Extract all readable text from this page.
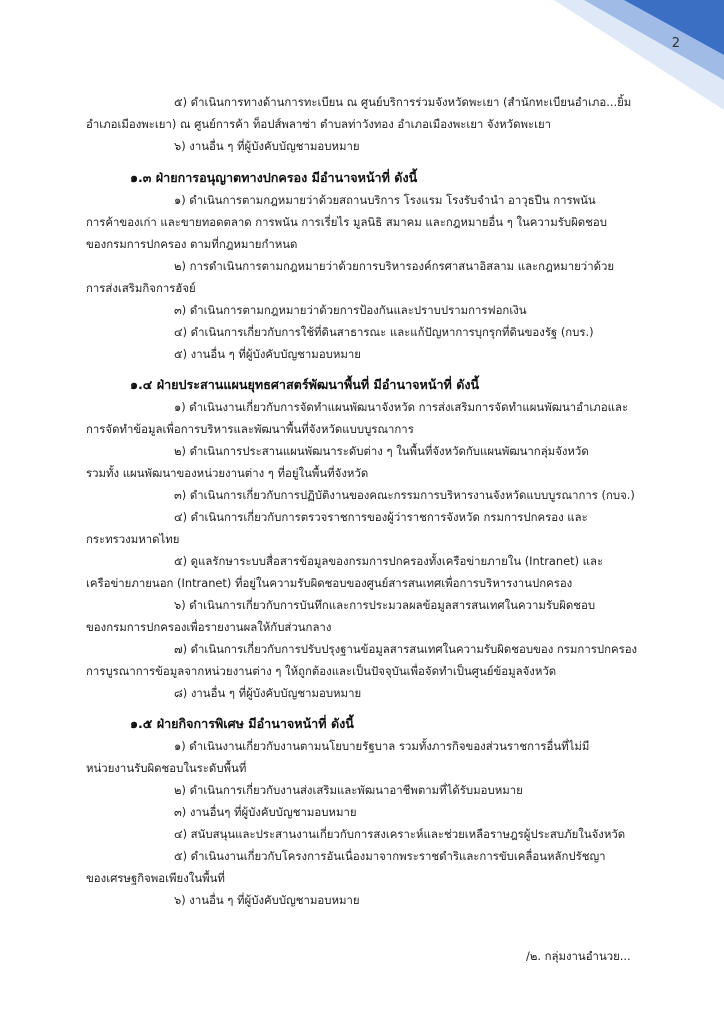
2
๕) ดำเนินการทางด้านการทะเบียน ณ ศูนย์บริการร่วมจังหวัดพะเยา (สำนักทะเบียนอำเภอ...ยิ้ม
อำเภอเมืองพะเยา) ณ ศูนย์การค้า ท็อปส์พลาซ่า ตำบลท่าวังทอง อำเภอเมืองพะเยา จังหวัดพะเยา
๖) งานอื่น ๆ ที่ผู้บังคับบัญชามอบหมาย
๑.๓ ฝ่ายการอนุญาตทางปกครอง มีอำนาจหน้าที่ ดังนี้
๑) ดำเนินการตามกฎหมายว่าด้วยสถานบริการ โรงแรม โรงรับจำนำ อาวุธปืน การพนัน
การค้าของเก่า และขายทอดตลาด การพนัน การเรี่ยไร มูลนิธิ สมาคม และกฎหมายอื่น ๆ ในความรับผิดชอบ
ของกรมการปกครอง ตามที่กฎหมายกำหนด
๒) การดำเนินการตามกฎหมายว่าด้วยการบริหารองค์กรศาสนาอิสลาม และกฎหมายว่าด้วย
การส่งเสริมกิจการฮัจย์
๓) ดำเนินการตามกฎหมายว่าด้วยการป้องกันและปราบปรามการฟอกเงิน
๔) ดำเนินการเกี่ยวกับการใช้ที่ดินสาธารณะ และแก้ปัญหาการบุกรุกที่ดินของรัฐ (กบร.)
๕) งานอื่น ๆ ที่ผู้บังคับบัญชามอบหมาย
๑.๔ ฝ่ายประสานแผนยุทธศาสตร์พัฒนาพื้นที่ มีอำนาจหน้าที่ ดังนี้
๑) ดำเนินงานเกี่ยวกับการจัดทำแผนพัฒนาจังหวัด การส่งเสริมการจัดทำแผนพัฒนาอำเภอและ
การจัดทำข้อมูลเพื่อการบริหารและพัฒนาพื้นที่จังหวัดแบบบูรณาการ
๒) ดำเนินการประสานแผนพัฒนาระดับต่าง ๆ ในพื้นที่จังหวัดกับแผนพัฒนากลุ่มจังหวัด
รวมทั้ง แผนพัฒนาของหน่วยงานต่าง ๆ ที่อยู่ในพื้นที่จังหวัด
๓) ดำเนินการเกี่ยวกับการปฏิบัติงานของคณะกรรมการบริหารงานจังหวัดแบบบูรณาการ (กบจ.)
๔) ดำเนินการเกี่ยวกับการตรวจราชการของผู้ว่าราชการจังหวัด กรมการปกครอง และ
กระทรวงมหาดไทย
๕) ดูแลรักษาระบบสื่อสารข้อมูลของกรมการปกครองทั้งเครือข่ายภายใน (Intranet) และ
เครือข่ายภายนอก (Intranet) ที่อยู่ในความรับผิดชอบของศูนย์สารสนเทศเพื่อการบริหารงานปกครอง
๖) ดำเนินการเกี่ยวกับการบันทึกและการประมวลผลข้อมูลสารสนเทศในความรับผิดชอบ
ของกรมการปกครองเพื่อรายงานผลให้กับส่วนกลาง
๗) ดำเนินการเกี่ยวกับการปรับปรุงฐานข้อมูลสารสนเทศในความรับผิดชอบของ กรมการปกครอง
การบูรณาการข้อมูลจากหน่วยงานต่าง ๆ ให้ถูกต้องและเป็นปัจจุบันเพื่อจัดทำเป็นศูนย์ข้อมูลจังหวัด
๘) งานอื่น ๆ ที่ผู้บังคับบัญชามอบหมาย
๑.๕ ฝ่ายกิจการพิเศษ มีอำนาจหน้าที่ ดังนี้
๑) ดำเนินงานเกี่ยวกับงานตามนโยบายรัฐบาล รวมทั้งภารกิจของส่วนราชการอื่นที่ไม่มี
หน่วยงานรับผิดชอบในระดับพื้นที่
๒) ดำเนินการเกี่ยวกับงานส่งเสริมและพัฒนาอาชีพตามที่ได้รับมอบหมาย
๓) งานอื่นๆ ที่ผู้บังคับบัญชามอบหมาย
๔) สนับสนุนและประสานงานเกี่ยวกับการสงเคราะห์และช่วยเหลือราษฎรผู้ประสบภัยในจังหวัด
๕) ดำเนินงานเกี่ยวกับโครงการอันเนื่องมาจากพระราชดำริและการขับเคลื่อนหลักปรัชญา
ของเศรษฐกิจพอเพียงในพื้นที่
๖) งานอื่น ๆ ที่ผู้บังคับบัญชามอบหมาย
/๒. กลุ่มงานอำนวย...
